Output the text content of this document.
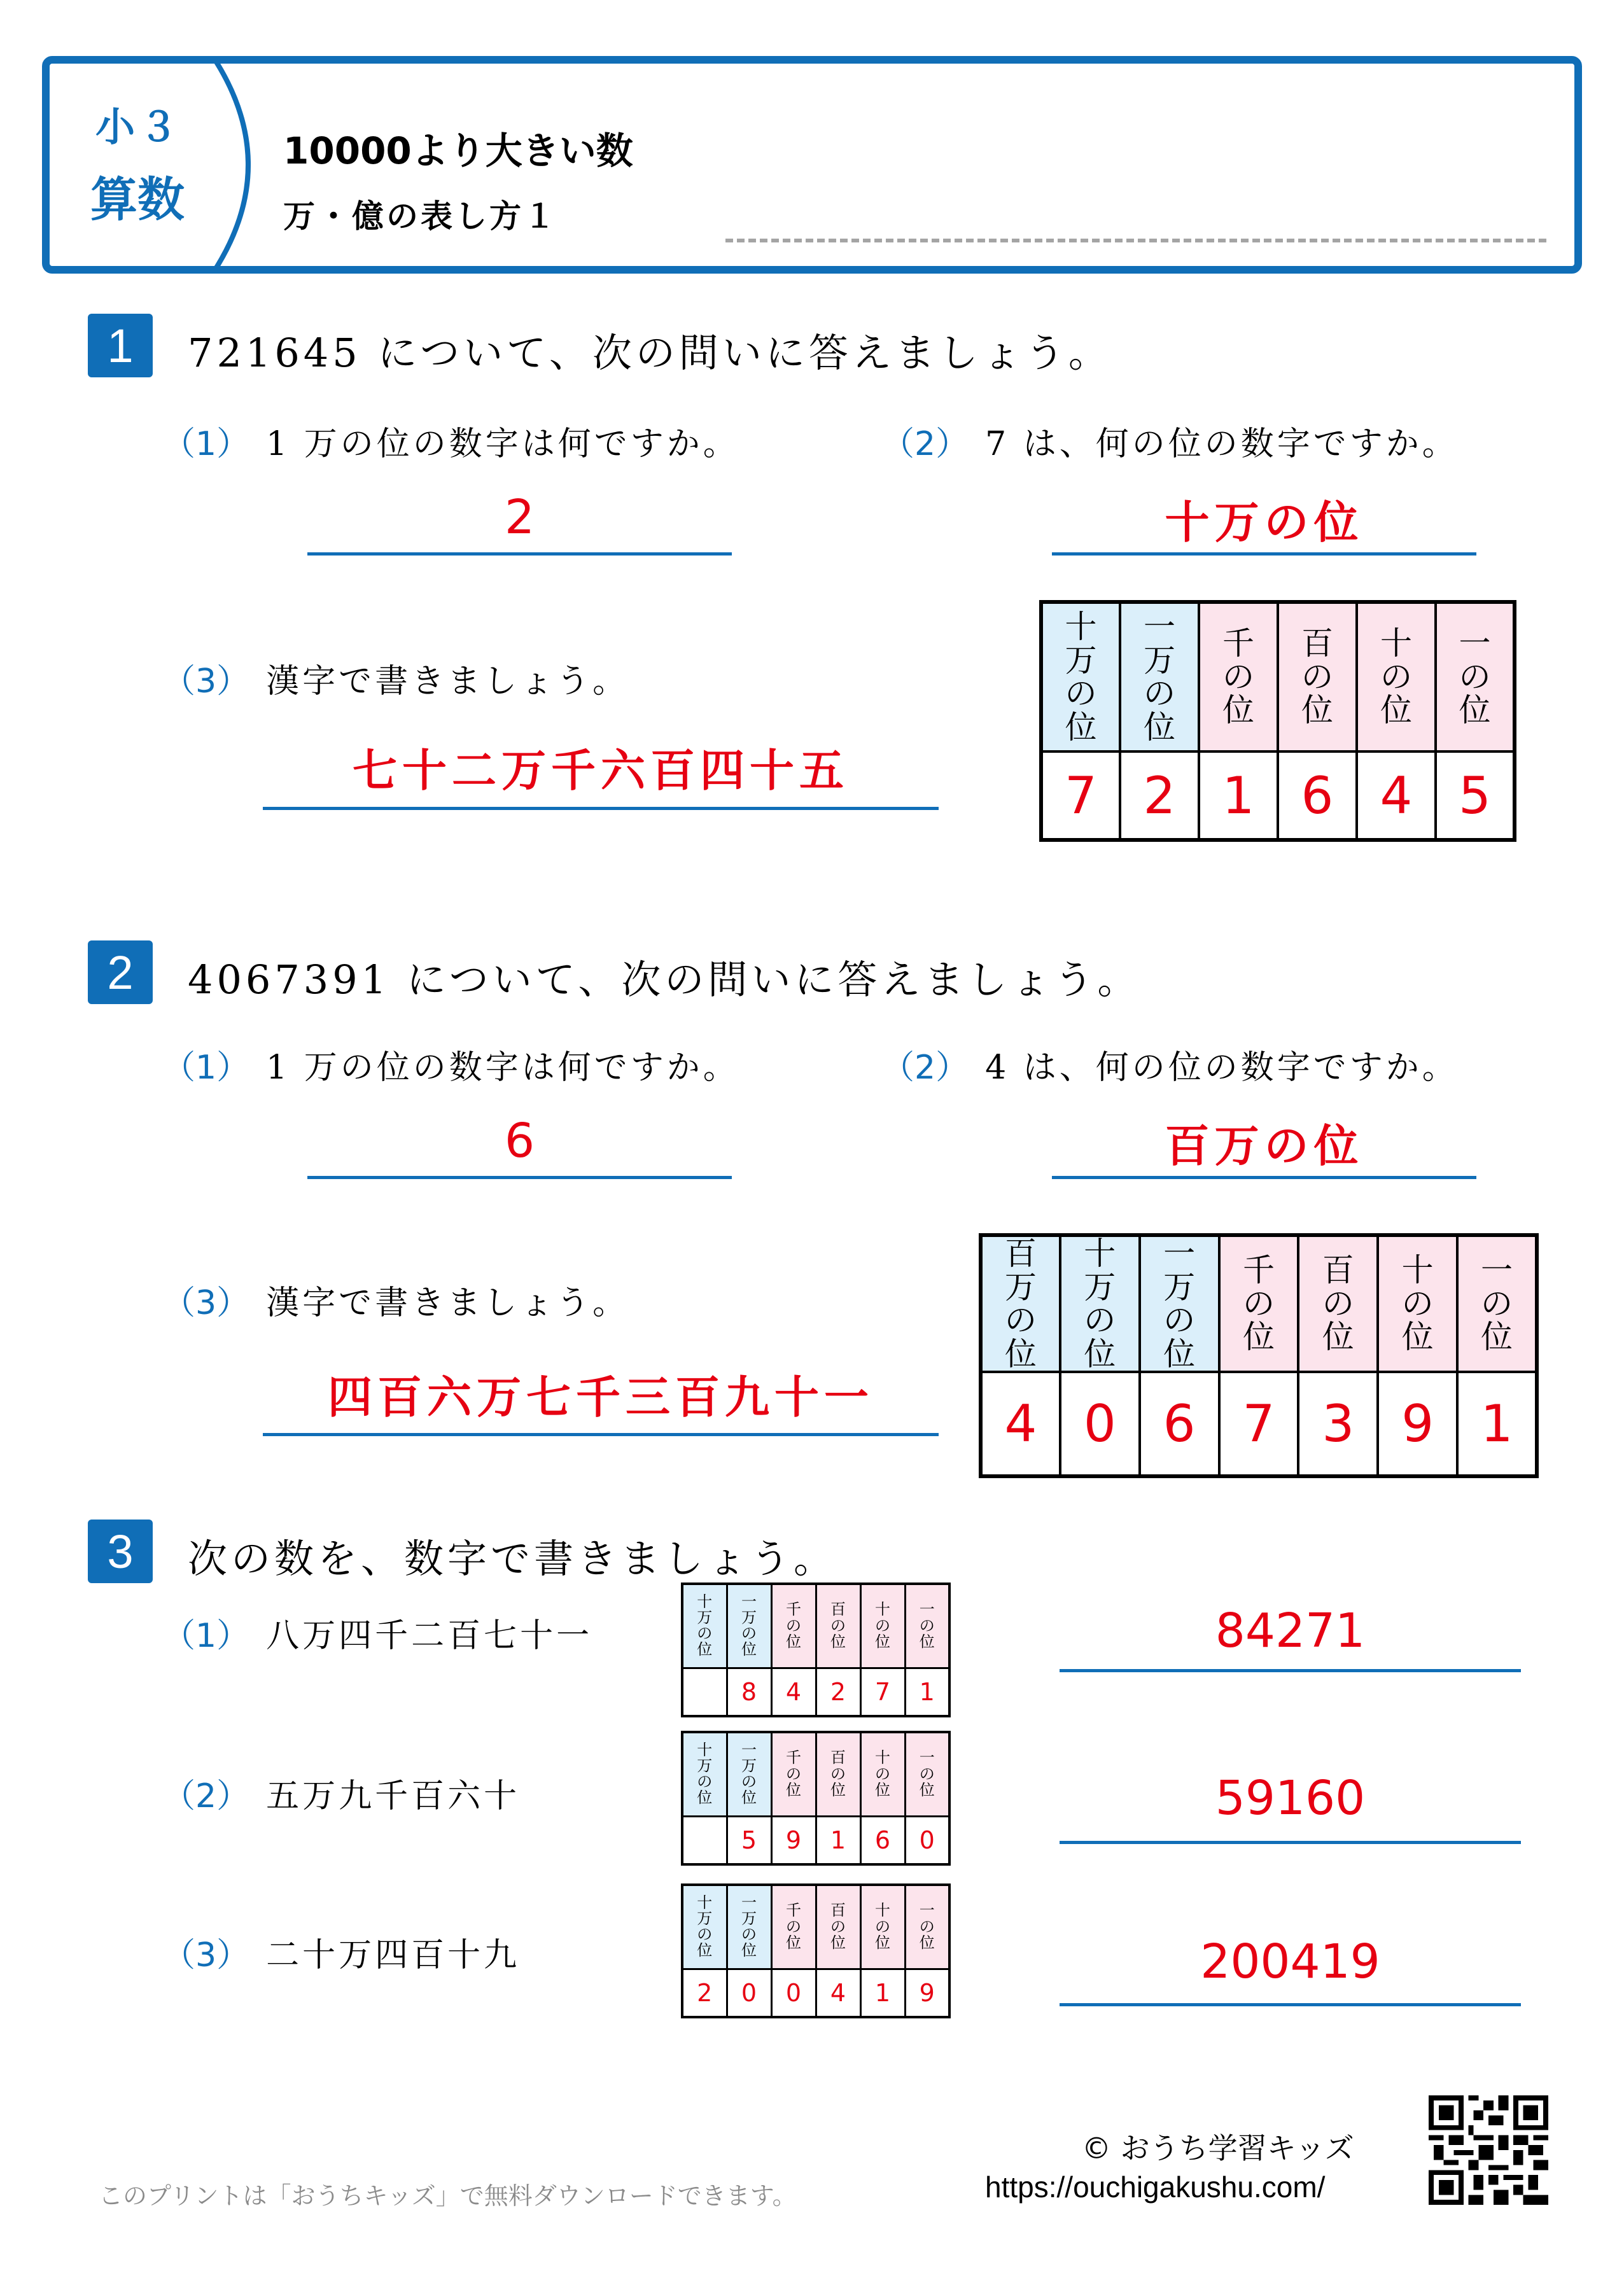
小３
算数
10000より大きい数
万・億の表し方１
1	721645 について、次の問いに答えましょう。
（1） 1 万の位の数字は何ですか。
2
（2） 7 は、何の位の数字ですか。
十万の位
（3） 漢字で書きましょう。
七十二万千六百四十五
十
万
の
位	一
万
の
位	千
の
位	百
の
位	十
の
位	一
の
位

7	2	1	6	4	5
2	4067391 について、次の問いに答えましょう。
（1） 1 万の位の数字は何ですか。
6
（2） 4 は、何の位の数字ですか。
百万の位
（3） 漢字で書きましょう。
四百六万七千三百九十一
百
万
の
位	十
万
の
位	一
万
の
位	千
の
位	百
の
位	十
の
位	一
の
位

4	0	6	7	3	9	1
3	次の数を、数字で書きましょう。
（1） 八万四千二百七十一
十
万
の
位	一
万
の
位	千
の
位	百
の
位	十
の
位	一
の
位

	8	4	2	7	1
84271
（2） 五万九千百六十
十
万
の
位	一
万
の
位	千
の
位	百
の
位	十
の
位	一
の
位

	5	9	1	6	0
59160
（3） 二十万四百十九
十
万
の
位	一
万
の
位	千
の
位	百
の
位	十
の
位	一
の
位

2	0	0	4	1	9
200419
このプリントは「おうちキッズ」で無料ダウンロードできます。
© おうち学習キッズ
https://ouchigakushu.com/
